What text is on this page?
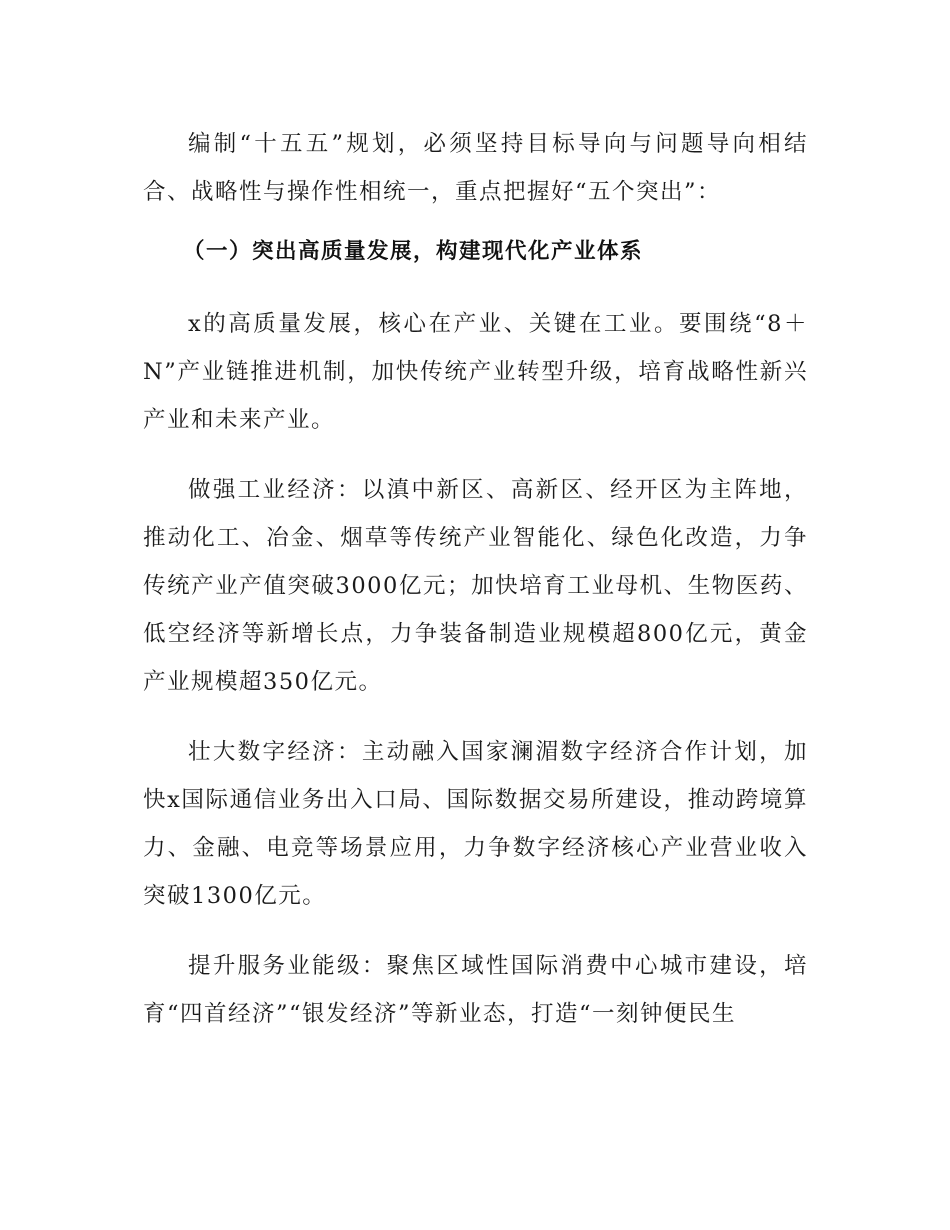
编制“十五五”规划，必须坚持目标导向与问题导向相结合、战略性与操作性相统一，重点把握好“五个突出”：

（一）突出高质量发展，构建现代化产业体系

x的高质量发展，核心在产业、关键在工业。要围绕“8＋N”产业链推进机制，加快传统产业转型升级，培育战略性新兴产业和未来产业。

做强工业经济：以滇中新区、高新区、经开区为主阵地，推动化工、冶金、烟草等传统产业智能化、绿色化改造，力争传统产业产值突破3000亿元；加快培育工业母机、生物医药、低空经济等新增长点，力争装备制造业规模超800亿元，黄金产业规模超350亿元。

壮大数字经济：主动融入国家澜湄数字经济合作计划，加快x国际通信业务出入口局、国际数据交易所建设，推动跨境算力、金融、电竞等场景应用，力争数字经济核心产业营业收入突破1300亿元。

提升服务业能级：聚焦区域性国际消费中心城市建设，培育“四首经济”“银发经济”等新业态，打造“一刻钟便民生
